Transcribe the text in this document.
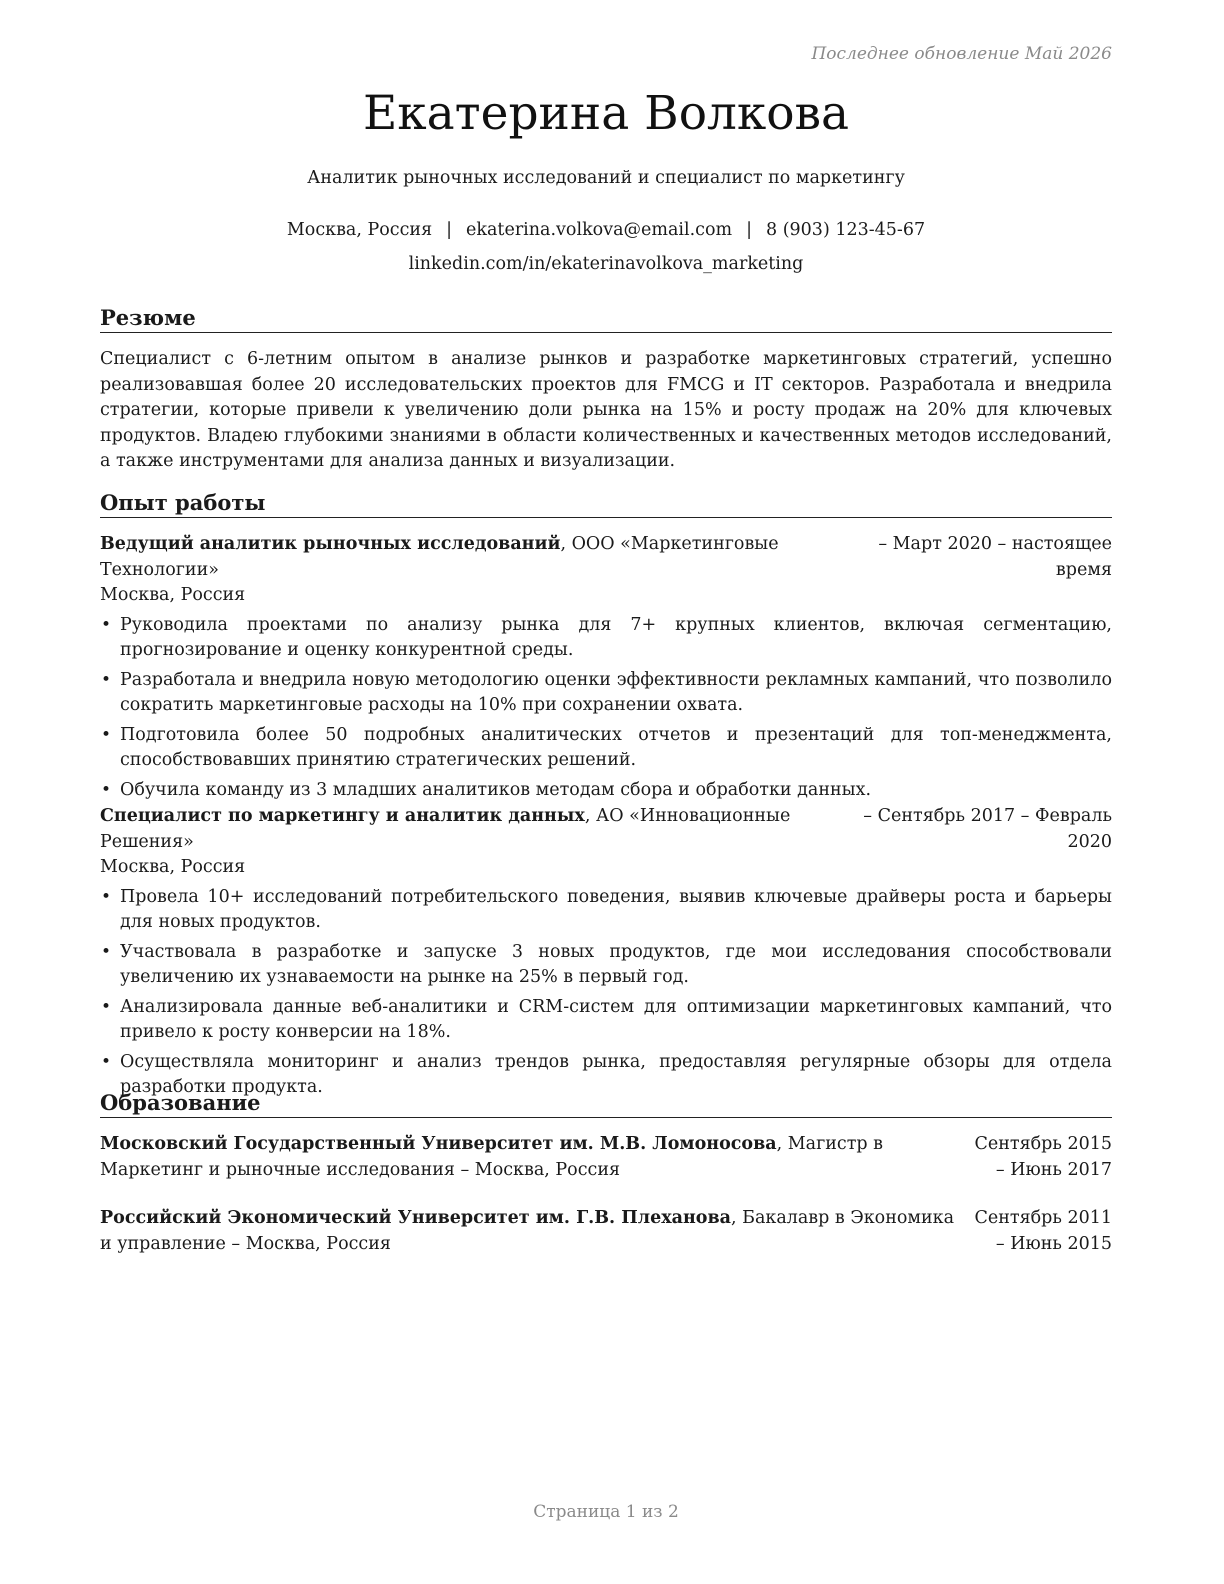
Последнее обновление Май 2026
Екатерина Волкова
Аналитик рыночных исследований и специалист по маркетингу
Москва, Россия | ekaterina.volkova@email.com | 8 (903) 123-45-67
linkedin.com/in/ekaterinavolkova_marketing
Резюме

Специалист с 6-летним опытом в анализе рынков и разработке маркетинговых стратегий, успешно реализовавшая более 20 исследовательских проектов для FMCG и IT секторов. Разработала и внедрила стратегии, которые привели к увеличению доли рынка на 15% и росту продаж на 20% для ключевых продуктов. Владею глубокими знаниями в области количественных и качественных методов исследований, а также инструментами для анализа данных и визуализации.

Опыт работы
Ведущий аналитик рыночных исследований, ООО «Маркетинговые Технологии»
Москва, Россия
– Март 2020 – настоящее время
• Руководила проектами по анализу рынка для 7+ крупных клиентов, включая сегментацию, прогнозирование и оценку конкурентной среды.
• Разработала и внедрила новую методологию оценки эффективности рекламных кампаний, что позволило сократить маркетинговые расходы на 10% при сохранении охвата.
• Подготовила более 50 подробных аналитических отчетов и презентаций для топ-менеджмента, способствовавших принятию стратегических решений.
• Обучила команду из 3 младших аналитиков методам сбора и обработки данных.
Специалист по маркетингу и аналитик данных, АО «Инновационные Решения»
Москва, Россия
– Сентябрь 2017 – Февраль 2020
• Провела 10+ исследований потребительского поведения, выявив ключевые драйверы роста и барьеры для новых продуктов.
• Участвовала в разработке и запуске 3 новых продуктов, где мои исследования способствовали увеличению их узнаваемости на рынке на 25% в первый год.
• Анализировала данные веб-аналитики и CRM-систем для оптимизации маркетинговых кампаний, что привело к росту конверсии на 18%.
• Осуществляла мониторинг и анализ трендов рынка, предоставляя регулярные обзоры для отдела разработки продукта.
Образование
Московский Государственный Университет им. М.В. Ломоносова, Магистр в Маркетинг и рыночные исследования – Москва, Россия
Сентябрь 2015 – Июнь 2017
Российский Экономический Университет им. Г.В. Плеханова, Бакалавр в Экономика и управление – Москва, Россия
Сентябрь 2011 – Июнь 2015
Страница 1 из 2
